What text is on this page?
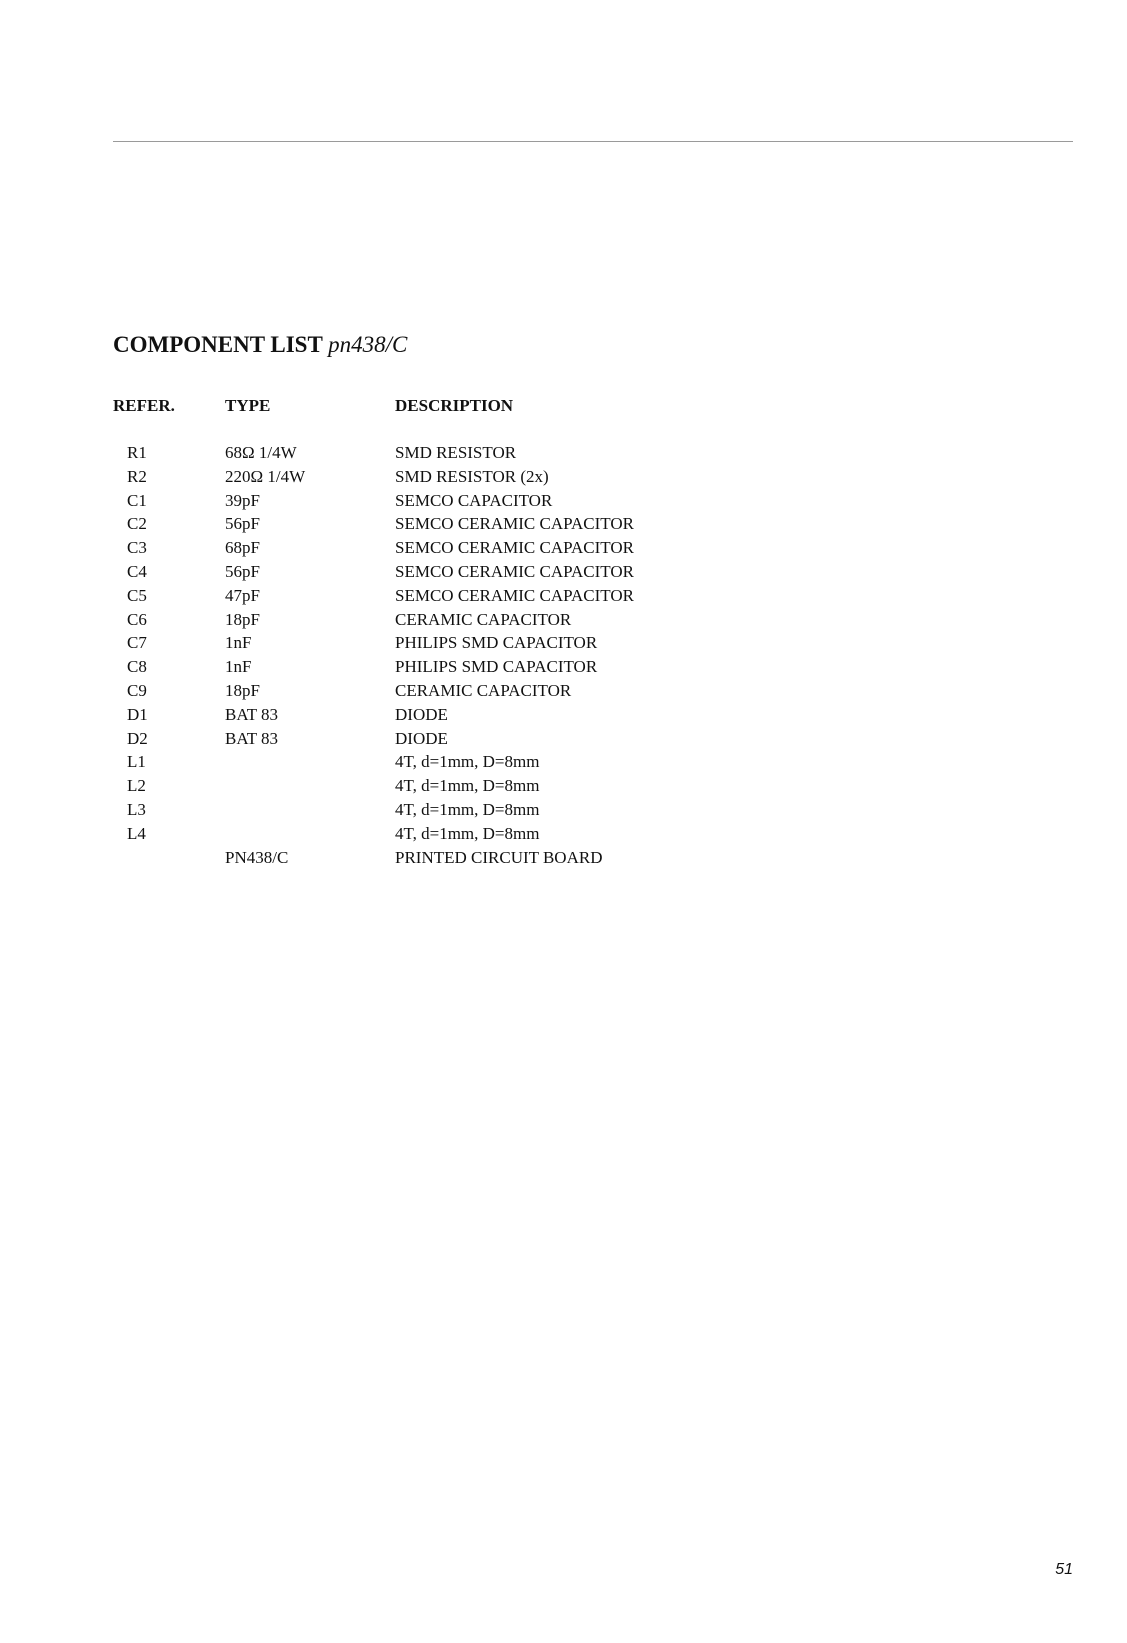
COMPONENT LIST pn438/C
REFER.	TYPE	DESCRIPTION
R1	68Ω 1/4W	SMD RESISTOR
R2	220Ω 1/4W	SMD RESISTOR (2x)
C1	39pF	SEMCO CAPACITOR
C2	56pF	SEMCO CERAMIC CAPACITOR
C3	68pF	SEMCO CERAMIC CAPACITOR
C4	56pF	SEMCO CERAMIC CAPACITOR
C5	47pF	SEMCO CERAMIC CAPACITOR
C6	18pF	CERAMIC CAPACITOR
C7	1nF	PHILIPS SMD CAPACITOR
C8	1nF	PHILIPS SMD CAPACITOR
C9	18pF	CERAMIC CAPACITOR
D1	BAT 83	DIODE
D2	BAT 83	DIODE
L1		4T, d=1mm, D=8mm
L2		4T, d=1mm, D=8mm
L3		4T, d=1mm, D=8mm
L4		4T, d=1mm, D=8mm
	PN438/C	PRINTED CIRCUIT BOARD
51
